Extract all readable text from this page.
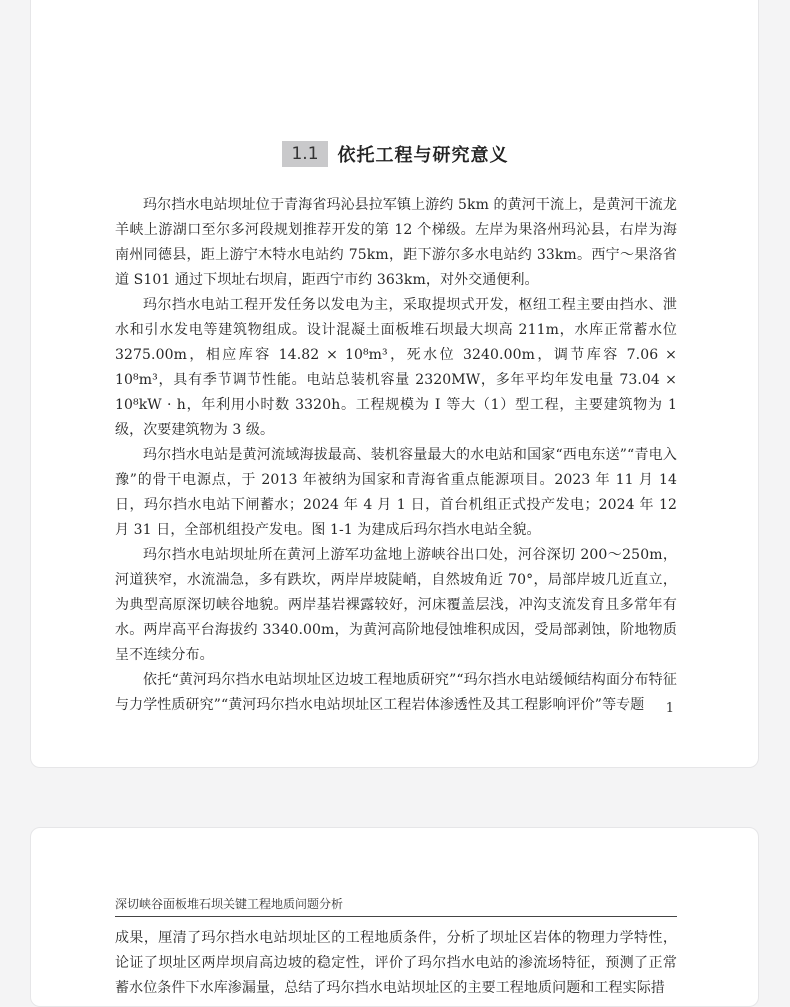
1.1	依托工程与研究意义

玛尔挡水电站坝址位于青海省玛沁县拉军镇上游约 5km 的黄河干流上，是黄河干流龙羊峡上游湖口至尔多河段规划推荐开发的第 12 个梯级。左岸为果洛州玛沁县，右岸为海南州同德县，距上游宁木特水电站约 75km，距下游尔多水电站约 33km。西宁～果洛省道 S101 通过下坝址右坝肩，距西宁市约 363km，对外交通便利。

玛尔挡水电站工程开发任务以发电为主，采取提坝式开发，枢纽工程主要由挡水、泄水和引水发电等建筑物组成。设计混凝土面板堆石坝最大坝高 211m，水库正常蓄水位 3275.00m，相应库容 14.82 × 10⁸m³，死水位 3240.00m，调节库容 7.06 × 10⁸m³，具有季节调节性能。电站总装机容量 2320MW，多年平均年发电量 73.04 × 10⁸kW · h，年利用小时数 3320h。工程规模为 Ⅰ 等大（1）型工程，主要建筑物为 1 级，次要建筑物为 3 级。

玛尔挡水电站是黄河流域海拔最高、装机容量最大的水电站和国家“西电东送”“青电入豫”的骨干电源点，于 2013 年被纳为国家和青海省重点能源项目。2023 年 11 月 14 日，玛尔挡水电站下闸蓄水；2024 年 4 月 1 日，首台机组正式投产发电；2024 年 12 月 31 日，全部机组投产发电。图 1-1 为建成后玛尔挡水电站全貌。

玛尔挡水电站坝址所在黄河上游军功盆地上游峡谷出口处，河谷深切 200～250m，河道狭窄，水流湍急，多有跌坎，两岸岸坡陡峭，自然坡角近 70°，局部岸坡几近直立，为典型高原深切峡谷地貌。两岸基岩裸露较好，河床覆盖层浅，冲沟支流发育且多常年有水。两岸高平台海拔约 3340.00m，为黄河高阶地侵蚀堆积成因，受局部剥蚀，阶地物质呈不连续分布。

依托“黄河玛尔挡水电站坝址区边坡工程地质研究”“玛尔挡水电站缓倾结构面分布特征与力学性质研究”“黄河玛尔挡水电站坝址区工程岩体渗透性及其工程影响评价”等专题	1
深切峡谷面板堆石坝关键工程地质问题分析

成果，厘清了玛尔挡水电站坝址区的工程地质条件，分析了坝址区岩体的物理力学特性，论证了坝址区两岸坝肩高边坡的稳定性，评价了玛尔挡水电站的渗流场特征，预测了正常蓄水位条件下水库渗漏量，总结了玛尔挡水电站坝址区的主要工程地质问题和工程实际措
